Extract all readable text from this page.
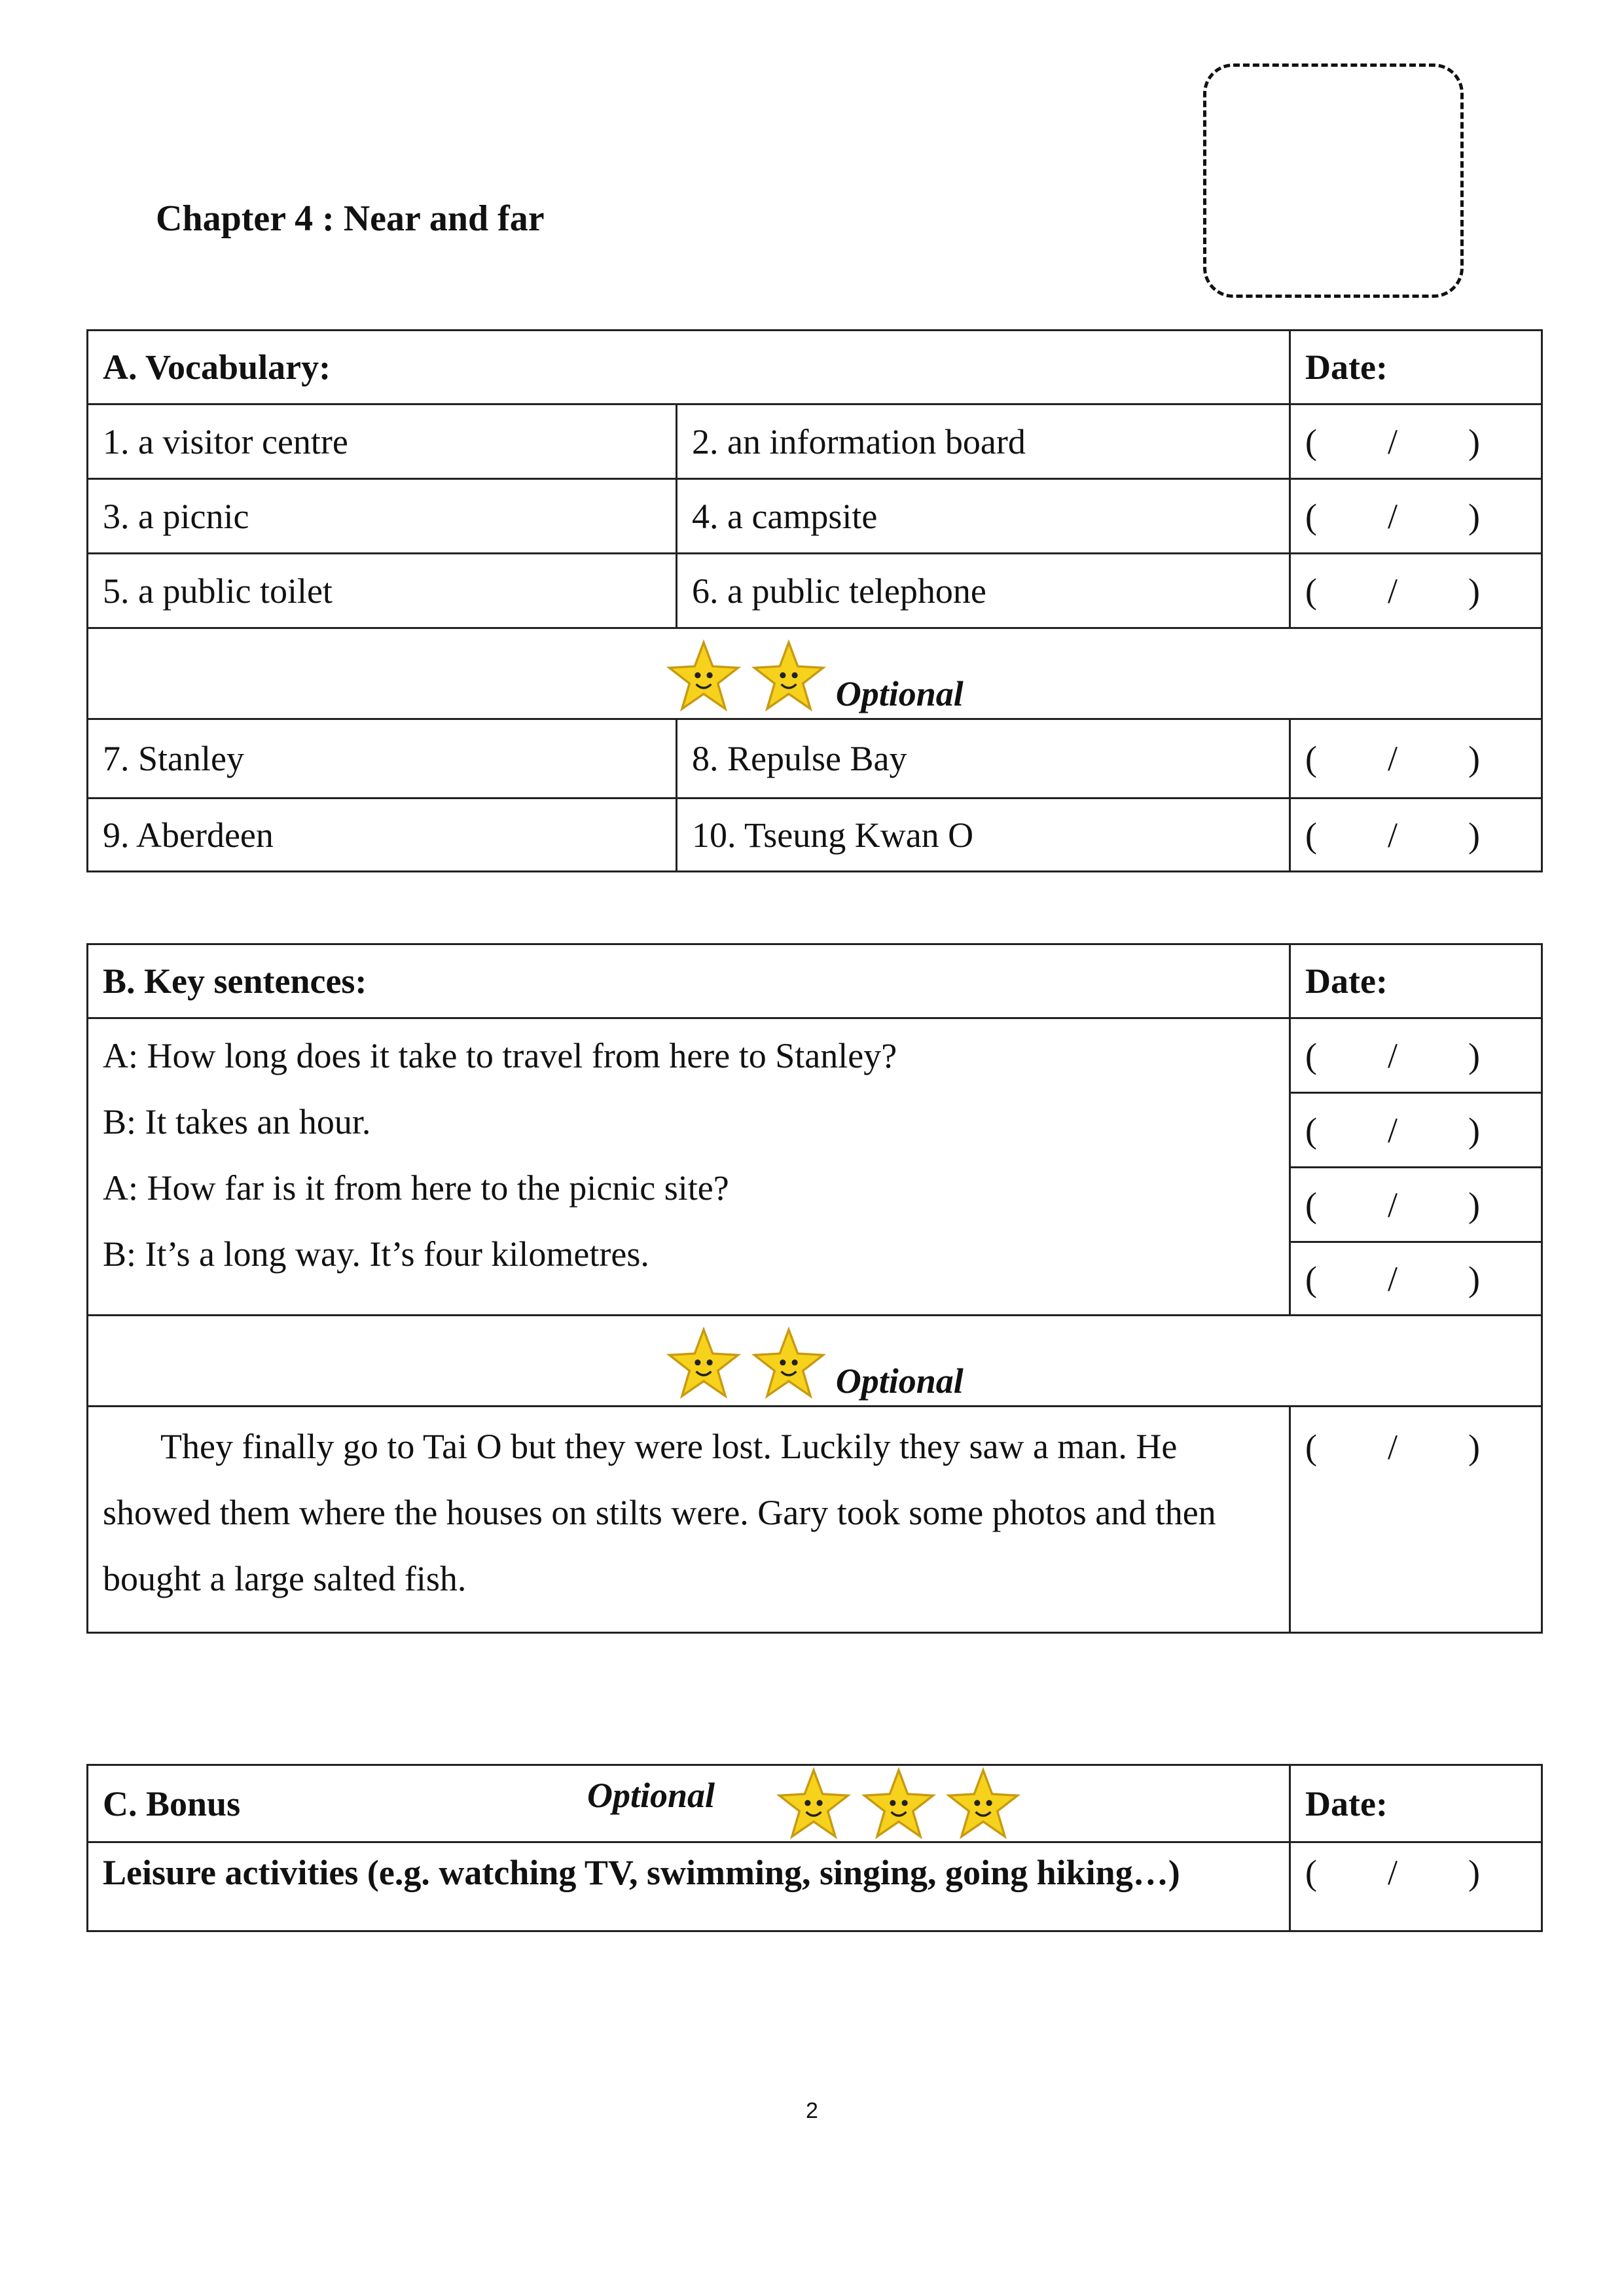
Chapter 4 : Near and far
A. Vocabulary:		Date:
1. a visitor centre	2. an information board	(        /        )
3. a picnic	4. a campsite	(        /        )
5. a public toilet	6. a public telephone	(        /        )
Optional		
7. Stanley	8. Repulse Bay	(        /        )
9. Aberdeen	10. Tseung Kwan O	(        /        )
B. Key sentences:	Date:

A: How long does it take to travel from here to Stanley?
B: It takes an hour.
A: How far is it from here to the picnic site?
B: It’s a long way. It’s four kilometres.	(        /        )
	(        /        )
	(        /        )
	(        /        )
Optional	

They finally go to Tai O but they were lost. Luckily they saw a man. He showed them where the houses on stilts were. Gary took some photos and then bought a large salted fish.	(        /        )
C. Bonus Optional	Date:
Leisure activities (e.g. watching TV, swimming, singing, going hiking…)	(        /        )
2
